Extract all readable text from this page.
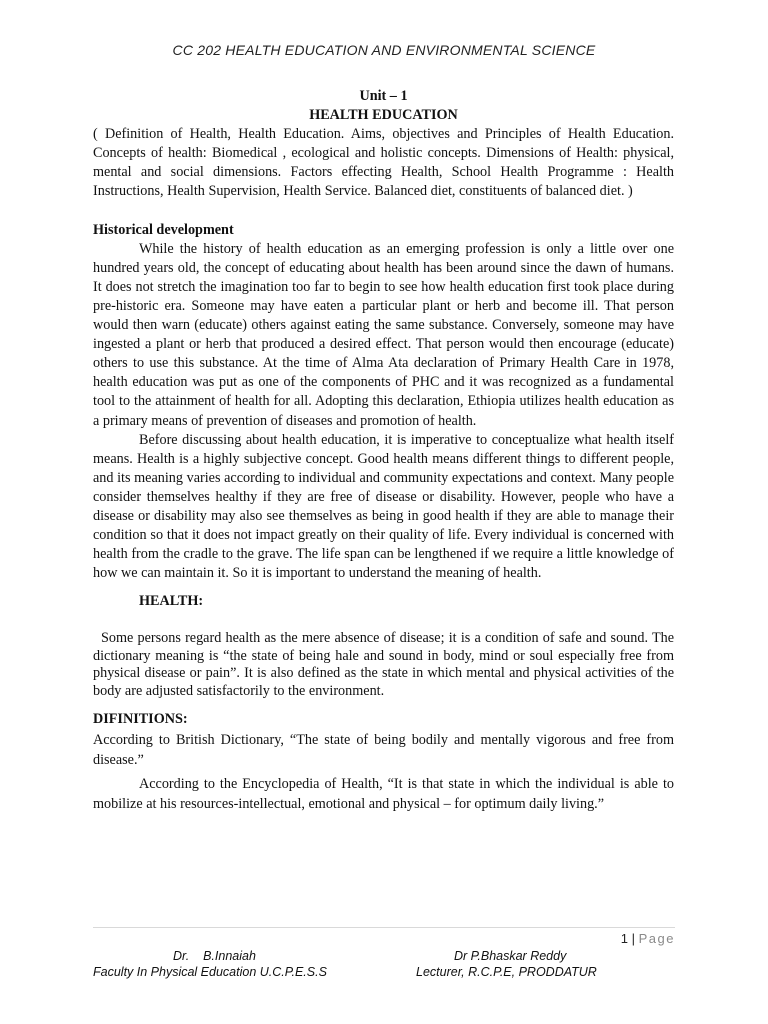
CC 202 HEALTH EDUCATION AND ENVIRONMENTAL SCIENCE

Unit – 1

HEALTH EDUCATION

( Definition of Health, Health Education. Aims, objectives and Principles of Health Education. Concepts of health: Biomedical , ecological and holistic concepts. Dimensions of Health: physical, mental and social dimensions. Factors effecting Health, School Health Programme : Health Instructions, Health Supervision, Health Service. Balanced diet, constituents of balanced diet. )

Historical development

While the history of health education as an emerging profession is only a little over one hundred years old, the concept of educating about health has been around since the dawn of humans. It does not stretch the imagination too far to begin to see how health education first took place during pre-historic era. Someone may have eaten a particular plant or herb and become ill. That person would then warn (educate) others against eating the same substance. Conversely, someone may have ingested a plant or herb that produced a desired effect. That person would then encourage (educate) others to use this substance. At the time of Alma Ata declaration of Primary Health Care in 1978, health education was put as one of the components of PHC and it was recognized as a fundamental tool to the attainment of health for all. Adopting this declaration, Ethiopia utilizes health education as a primary means of prevention of diseases and promotion of health.

Before discussing about health education, it is imperative to conceptualize what health itself means. Health is a highly subjective concept. Good health means different things to different people, and its meaning varies according to individual and community expectations and context. Many people consider themselves healthy if they are free of disease or disability. However, people who have a disease or disability may also see themselves as being in good health if they are able to manage their condition so that it does not impact greatly on their quality of life. Every individual is concerned with health from the cradle to the grave. The life span can be lengthened if we require a little knowledge of how we can maintain it. So it is important to understand the meaning of health.

HEALTH:

Some persons regard health as the mere absence of disease; it is a condition of safe and sound. The dictionary meaning is “the state of being hale and sound in body, mind or soul especially free from physical disease or pain”. It is also defined as the state in which mental and physical activities of the body are adjusted satisfactorily to the environment.

DIFINITIONS:

According to British Dictionary, “The state of being bodily and mentally vigorous and free from disease.”

According to the Encyclopedia of Health, “It is that state in which the individual is able to mobilize at his resources-intellectual, emotional and physical – for optimum daily living.”

1 | Page
Dr.    B.Innaiah
Faculty In Physical Education U.C.P.E.S.S
Dr P.Bhaskar Reddy
Lecturer, R.C.P.E, PRODDATUR
